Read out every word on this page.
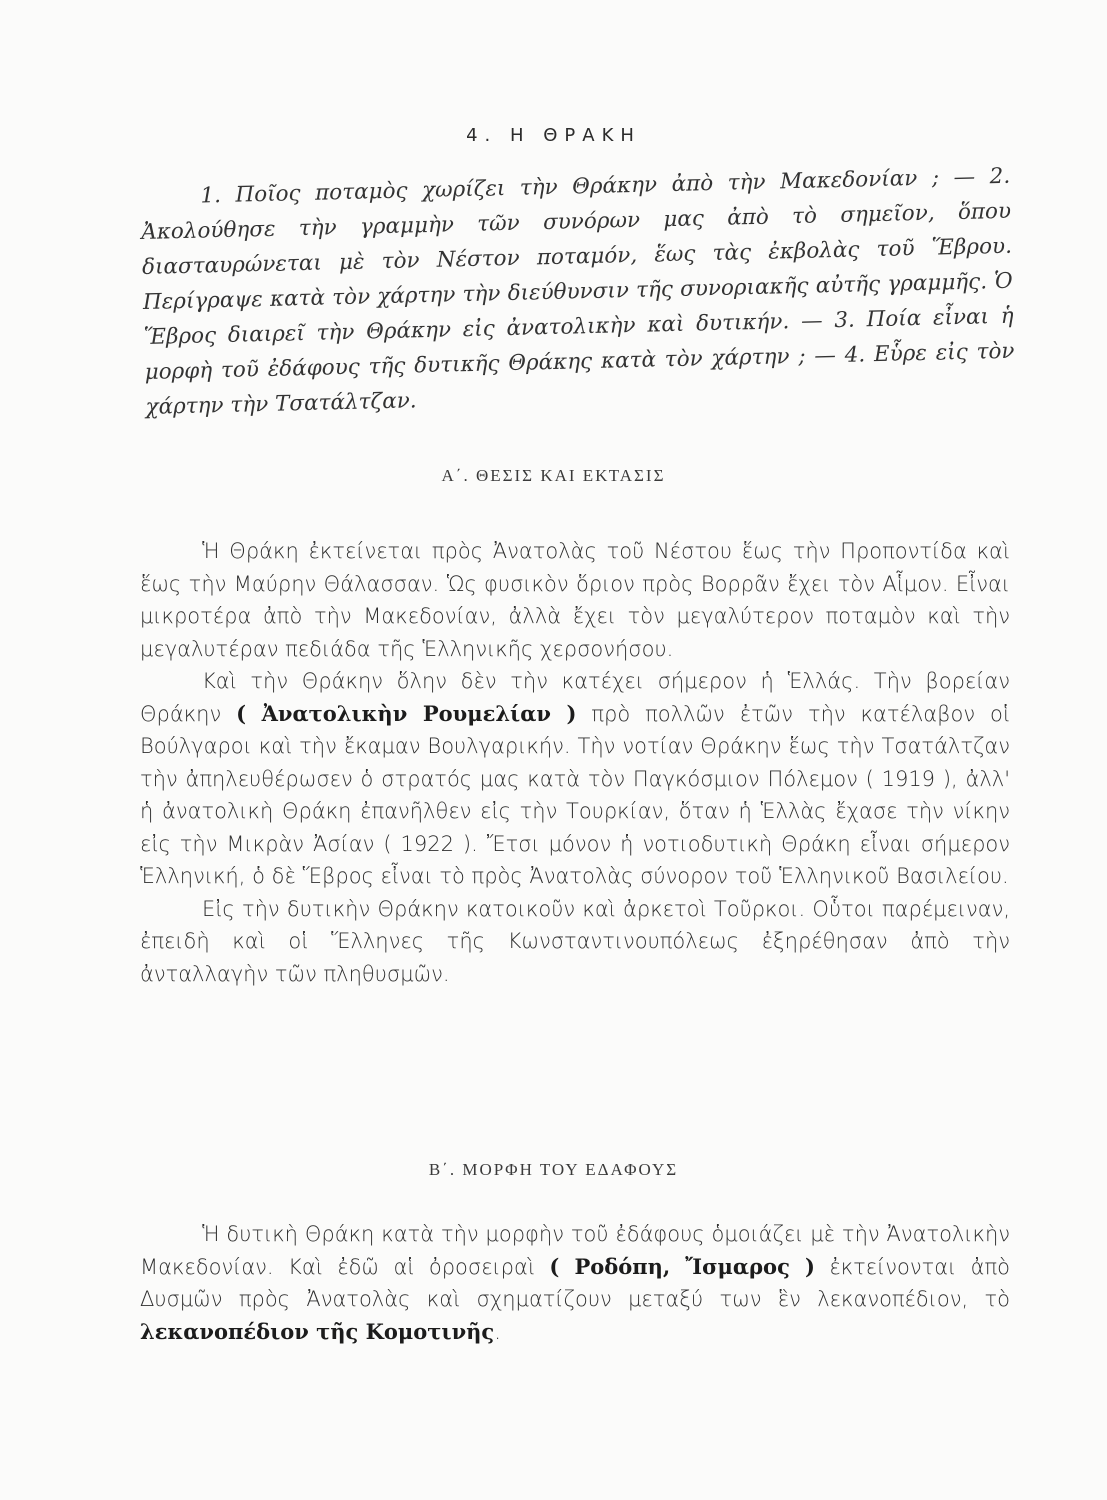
4. Η ΘΡΑΚΗ

1. Ποῖος ποταμὸς χωρίζει τὴν Θράκην ἀπὸ τὴν Μακεδονίαν ; — 2. Ἀκολούθησε τὴν γραμμὴν τῶν συνόρων μας ἀπὸ τὸ σημεῖον, ὅπου διασταυρώνεται μὲ τὸν Νέστον ποταμόν, ἕως τὰς ἐκβολὰς τοῦ Ἕβρου. Περίγραψε κατὰ τὸν χάρτην τὴν διεύθυνσιν τῆς συνοριακῆς αὐτῆς γραμμῆς. Ὁ Ἕβρος διαιρεῖ τὴν Θράκην εἰς ἀνατολικὴν καὶ δυτικήν. — 3. Ποία εἶναι ἡ μορφὴ τοῦ ἐδάφους τῆς δυτικῆς Θράκης κατὰ τὸν χάρτην ; — 4. Εὗρε εἰς τὸν χάρτην τὴν Τσατάλτζαν.

Α΄. ΘΕΣΙΣ ΚΑΙ ΕΚΤΑΣΙΣ

Ἡ Θράκη ἐκτείνεται πρὸς Ἀνατολὰς τοῦ Νέστου ἕως τὴν Προποντίδα καὶ ἕως τὴν Μαύρην Θάλασσαν. Ὡς φυσικὸν ὅριον πρὸς Βορρᾶν ἔχει τὸν Αἷμον. Εἶναι μικροτέρα ἀπὸ τὴν Μακεδονίαν, ἀλλὰ ἔχει τὸν μεγαλύτερον ποταμὸν καὶ τὴν μεγαλυτέραν πεδιάδα τῆς Ἑλληνικῆς χερσονήσου.

Καὶ τὴν Θράκην ὅλην δὲν τὴν κατέχει σήμερον ἡ Ἑλλάς. Τὴν βορείαν Θράκην ( Ἀνατολικὴν Ρουμελίαν ) πρὸ πολλῶν ἐτῶν τὴν κατέλαβον οἱ Βούλγαροι καὶ τὴν ἔκαμαν Βουλγαρικήν. Τὴν νοτίαν Θράκην ἕως τὴν Τσατάλτζαν τὴν ἀπηλευθέρωσεν ὁ στρατός μας κατὰ τὸν Παγκόσμιον Πόλεμον ( 1919 ), ἀλλ' ἡ ἀνατολικὴ Θράκη ἐπανῆλθεν εἰς τὴν Τουρκίαν, ὅταν ἡ Ἑλλὰς ἔχασε τὴν νίκην εἰς τὴν Μικρὰν Ἀσίαν ( 1922 ). Ἔτσι μόνον ἡ νοτιοδυτικὴ Θράκη εἶναι σήμερον Ἑλληνική, ὁ δὲ Ἕβρος εἶναι τὸ πρὸς Ἀνατολὰς σύνορον τοῦ Ἑλληνικοῦ Βασιλείου.

Εἰς τὴν δυτικὴν Θράκην κατοικοῦν καὶ ἀρκετοὶ Τοῦρκοι. Οὗτοι παρέμειναν, ἐπειδὴ καὶ οἱ Ἕλληνες τῆς Κωνσταντινουπόλεως ἐξηρέθησαν ἀπὸ τὴν ἀνταλλαγὴν τῶν πληθυσμῶν.

Β΄. ΜΟΡΦΗ ΤΟΥ ΕΔΑΦΟΥΣ

Ἡ δυτικὴ Θράκη κατὰ τὴν μορφὴν τοῦ ἐδάφους ὁμοιάζει μὲ τὴν Ἀνατολικὴν Μακεδονίαν. Καὶ ἐδῶ αἱ ὀροσειραὶ ( Ροδόπη, Ἴσμαρος ) ἐκτείνονται ἀπὸ Δυσμῶν πρὸς Ἀνατολὰς καὶ σχηματίζουν μεταξύ των ἓν λεκανοπέδιον, τὸ λεκανοπέδιον τῆς Κομοτινῆς.
